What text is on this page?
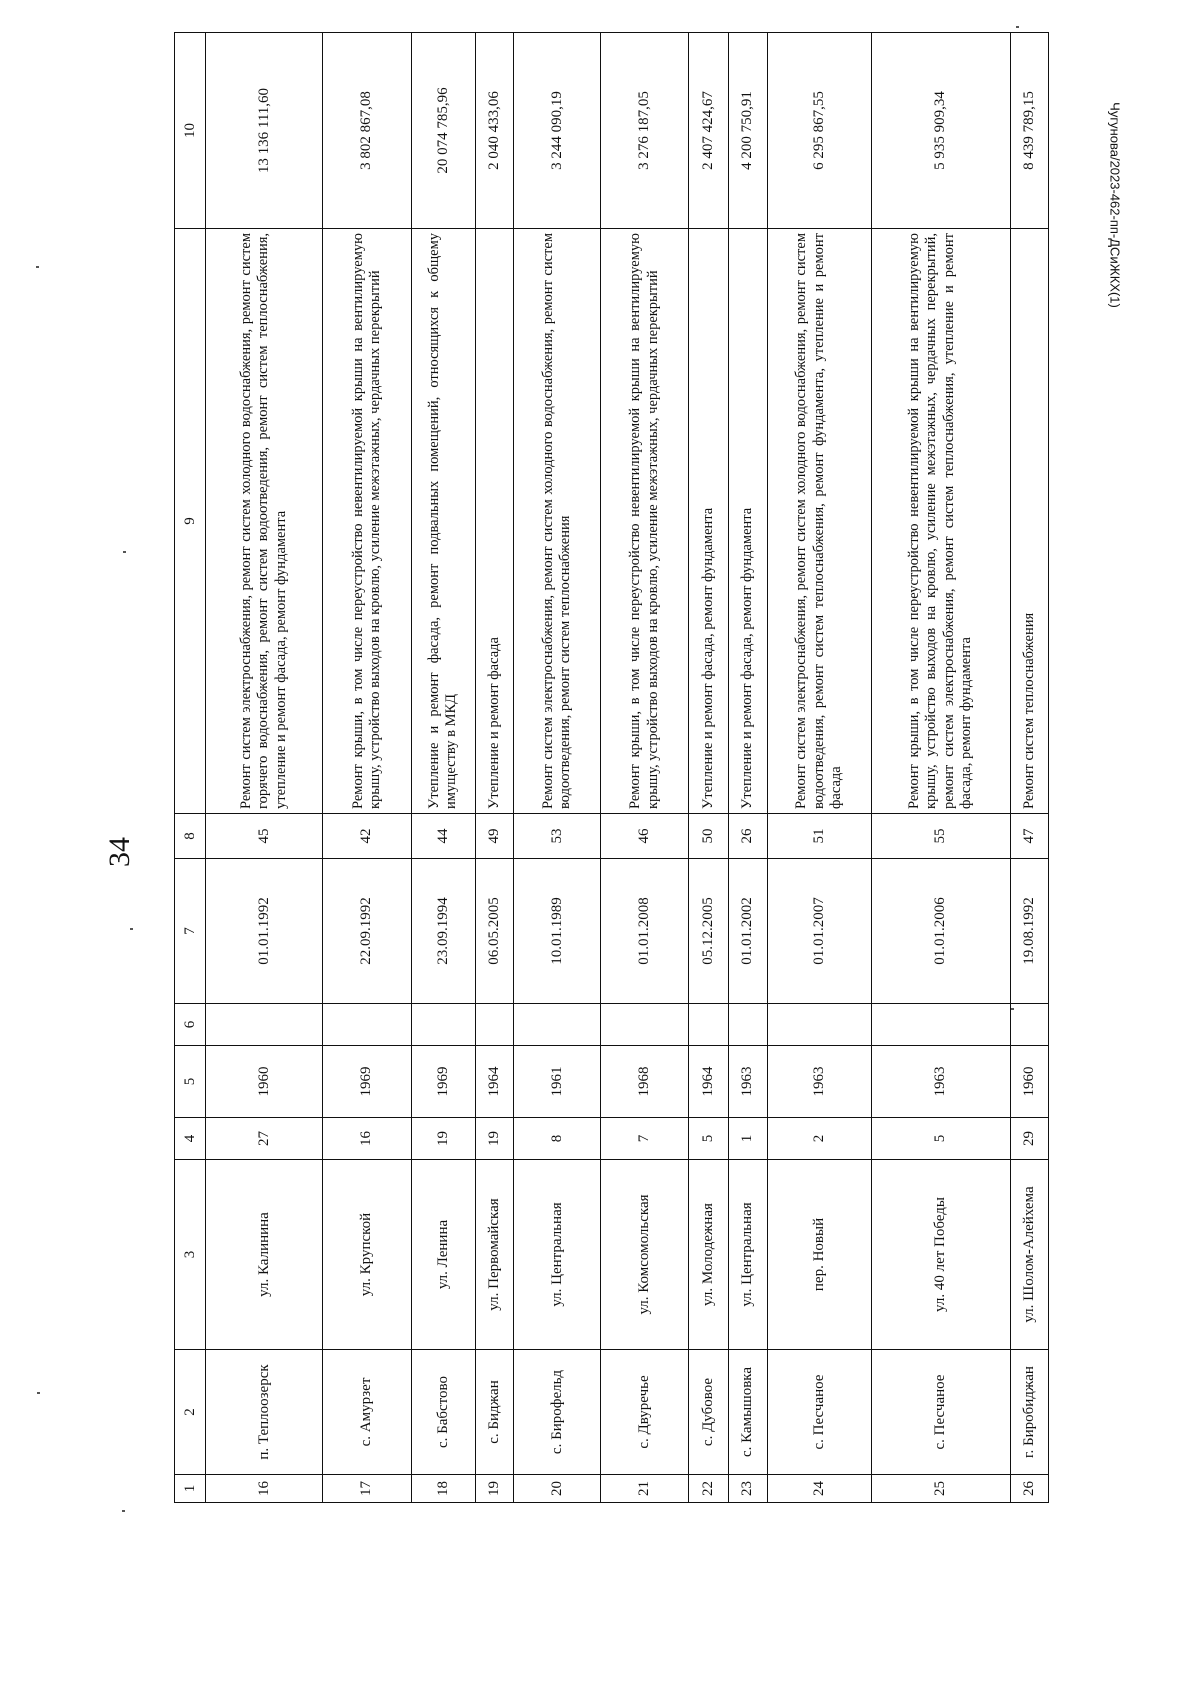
34
Чугунова/2023-462-пп-ДСиЖКХ(1)
1	2	3	4	5	6	7	8	9	10
16	п. Теплоозерск	ул. Калинина	27	1960		01.01.1992	45	Ремонт систем электроснабжения, ремонт систем холодного водоснабжения, ремонт систем горячего водоснабжения, ремонт систем водоотведения, ремонт систем теплоснабжения, утепление и ремонт фасада, ремонт фундамента	13 136 111,60
17	с. Амурзет	ул. Крупской	16	1969		22.09.1992	42	Ремонт крыши, в том числе переустройство невентилируемой крыши на вентилируемую крышу, устройство выходов на кровлю, усиление межэтажных, чердачных перекрытий	3 802 867,08
18	с. Бабстово	ул. Ленина	19	1969		23.09.1994	44	Утепление и ремонт фасада, ремонт подвальных помещений, относящихся к общему имуществу в МКД	20 074 785,96
19	с. Биджан	ул. Первомайская	19	1964		06.05.2005	49	Утепление и ремонт фасада	2 040 433,06
20	с. Бирофельд	ул. Центральная	8	1961		10.01.1989	53	Ремонт систем электроснабжения, ремонт систем холодного водоснабжения, ремонт систем водоотведения, ремонт систем теплоснабжения	3 244 090,19
21	с. Двуречье	ул. Комсомольская	7	1968		01.01.2008	46	Ремонт крыши, в том числе переустройство невентилируемой крыши на вентилируемую крышу, устройство выходов на кровлю, усиление межэтажных, чердачных перекрытий	3 276 187,05
22	с. Дубовое	ул. Молодежная	5	1964		05.12.2005	50	Утепление и ремонт фасада, ремонт фундамента	2 407 424,67
23	с. Камышовка	ул. Центральная	1	1963		01.01.2002	26	Утепление и ремонт фасада, ремонт фундамента	4 200 750,91
24	с. Песчаное	пер. Новый	2	1963		01.01.2007	51	Ремонт систем электроснабжения, ремонт систем холодного водоснабжения, ремонт систем водоотведения, ремонт систем теплоснабжения, ремонт фундамента, утепление и ремонт фасада	6 295 867,55
25	с. Песчаное	ул. 40 лет Победы	5	1963		01.01.2006	55	Ремонт крыши, в том числе переустройство невентилируемой крыши на вентилируемую крышу, устройство выходов на кровлю, усиление межэтажных, чердачных перекрытий, ремонт систем электроснабжения, ремонт систем теплоснабжения, утепление и ремонт фасада, ремонт фундамента	5 935 909,34
26	г. Биробиджан	ул. Шолом-Алейхема	29	1960		19.08.1992	47	Ремонт систем теплоснабжения	8 439 789,15
